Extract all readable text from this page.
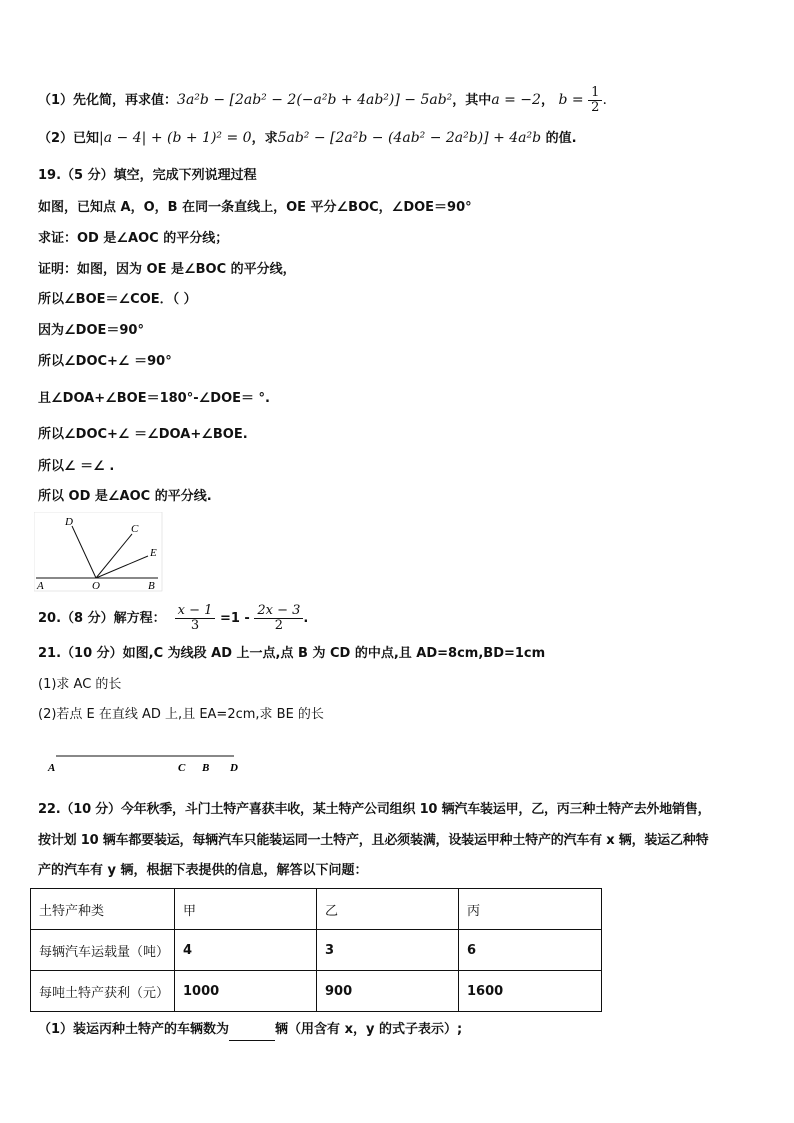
（1）先化简，再求值：3a²b − [2ab² − 2(−a²b + 4ab²)] − 5ab²，其中a = −2， $b = \frac{1}{2}$ .
（2）已知|a − 4| + (b + 1)² = 0，求5ab² − [2a²b − (4ab² − 2a²b)] + 4a²b 的值.
19.（5 分）填空，完成下列说理过程
如图，已知点 A，O，B 在同一条直线上，OE 平分∠BOC，∠DOE＝90°
求证：OD 是∠AOC 的平分线；
证明：如图，因为 OE 是∠BOC 的平分线，
所以∠BOE＝∠COE．（ ）
因为∠DOE＝90°
所以∠DOC+∠ ＝90°
且∠DOA+∠BOE＝180°-∠DOE＝ °.
所以∠DOC+∠ ＝∠DOA+∠BOE.
所以∠ ＝∠ .
所以 OD 是∠AOC 的平分线.
D
C
E
A	O	B
20.（8 分）解方程： $\frac{x - 1}{3} =1 - \frac{2x - 3}{2}$ .
21.（10 分）如图,C 为线段 AD 上一点,点 B 为 CD 的中点,且 AD=8cm,BD=1cm
(1)求 AC 的长
(2)若点 E 在直线 AD 上,且 EA=2cm,求 BE 的长
A	C B D
22.（10 分）今年秋季，斗门土特产喜获丰收，某土特产公司组织 10 辆汽车装运甲，乙，丙三种土特产去外地销售，
按计划 10 辆车都要装运，每辆汽车只能装运同一土特产，且必须装满，设装运甲种土特产的汽车有 x 辆，装运乙种特
产的汽车有 y 辆，根据下表提供的信息，解答以下问题：
土特产种类	甲	乙	丙
每辆汽车运载量（吨）	4	3	6
每吨土特产获利（元）	1000	900	1600
（1）装运丙种土特产的车辆数为	辆（用含有 x，y 的式子表示）;
